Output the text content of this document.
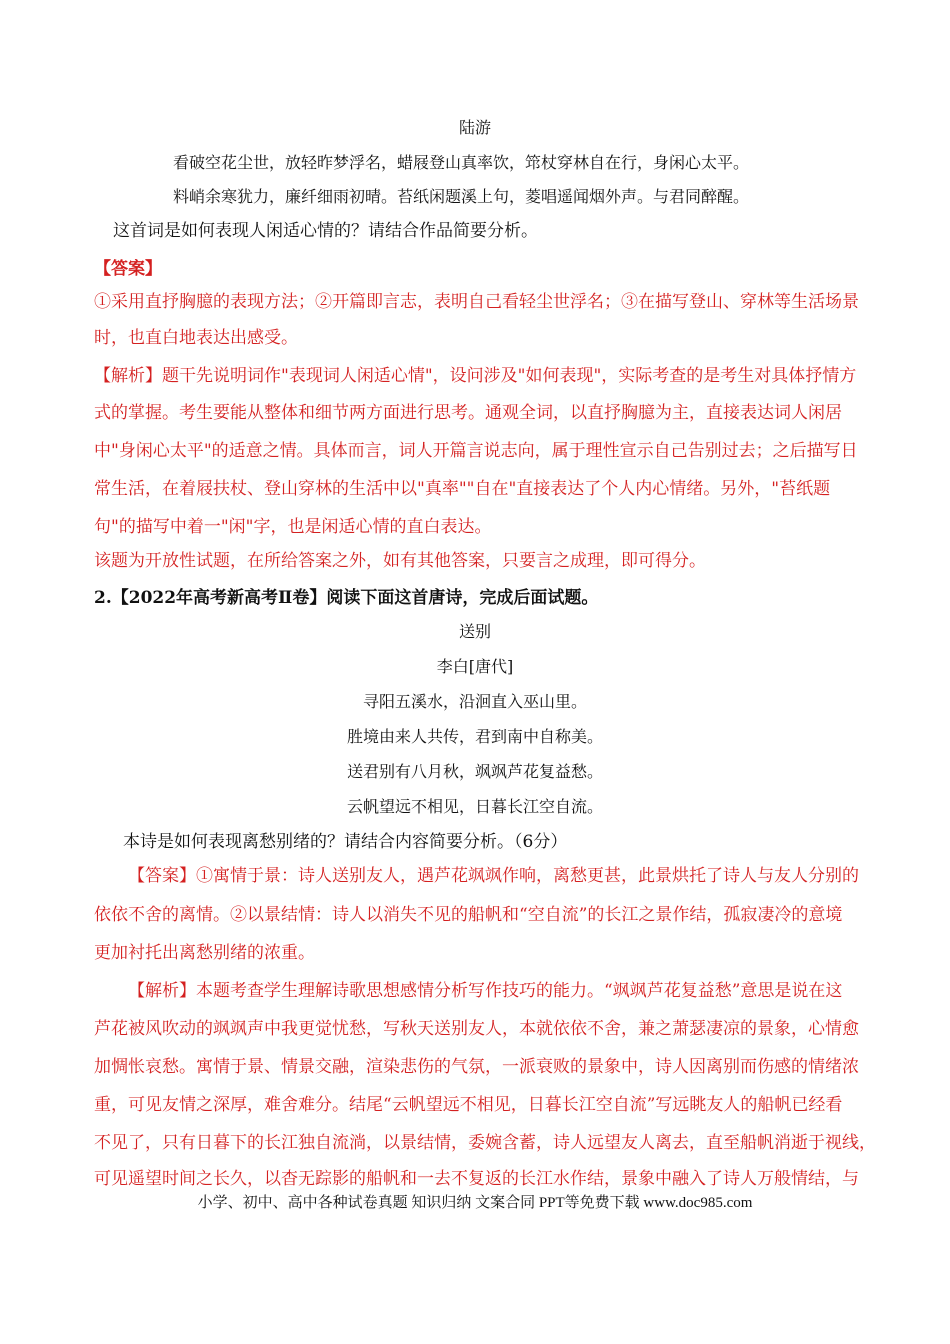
陆游

看破空花尘世，放轻昨梦浮名，蜡屐登山真率饮，筇杖穿林自在行，身闲心太平。

料峭余寒犹力，廉纤细雨初晴。苔纸闲题溪上句，菱唱遥闻烟外声。与君同醉醒。

这首词是如何表现人闲适心情的？请结合作品简要分析。

【答案】

①采用直抒胸臆的表现方法；②开篇即言志，表明自己看轻尘世浮名；③在描写登山、穿林等生活场景

时，也直白地表达出感受。

【解析】题干先说明词作"表现词人闲适心情"，设问涉及"如何表现"，实际考查的是考生对具体抒情方

式的掌握。考生要能从整体和细节两方面进行思考。通观全词，以直抒胸臆为主，直接表达词人闲居

中"身闲心太平"的适意之情。具体而言，词人开篇言说志向，属于理性宣示自己告别过去；之后描写日

常生活，在着屐扶杖、登山穿林的生活中以"真率""自在"直接表达了个人内心情绪。另外，"苔纸题

句"的描写中着一"闲"字，也是闲适心情的直白表达。

该题为开放性试题，在所给答案之外，如有其他答案，只要言之成理，即可得分。

2.【2022年高考新高考Ⅱ卷】阅读下面这首唐诗，完成后面试题。

送别

李白[唐代]

寻阳五溪水，沿洄直入巫山里。

胜境由来人共传，君到南中自称美。

送君别有八月秋，飒飒芦花复益愁。

云帆望远不相见，日暮长江空自流。

本诗是如何表现离愁别绪的？请结合内容简要分析。（6分）

【答案】①寓情于景：诗人送别友人，遇芦花飒飒作响，离愁更甚，此景烘托了诗人与友人分别的

依依不舍的离情。②以景结情：诗人以消失不见的船帆和“空自流”的长江之景作结，孤寂凄冷的意境

更加衬托出离愁别绪的浓重。

【解析】本题考查学生理解诗歌思想感情分析写作技巧的能力。“飒飒芦花复益愁”意思是说在这

芦花被风吹动的飒飒声中我更觉忧愁，写秋天送别友人，本就依依不舍，兼之萧瑟凄凉的景象，心情愈

加惆怅哀愁。寓情于景、情景交融，渲染悲伤的气氛，一派衰败的景象中，诗人因离别而伤感的情绪浓

重，可见友情之深厚，难舍难分。结尾“云帆望远不相见，日暮长江空自流”写远眺友人的船帆已经看

不见了，只有日暮下的长江独自流淌，以景结情，委婉含蓄，诗人远望友人离去，直至船帆消逝于视线，

可见遥望时间之长久，以杳无踪影的船帆和一去不复返的长江水作结，景象中融入了诗人万般情结，与

小学、初中、高中各种试卷真题 知识归纳 文案合同 PPT等免费下载 www.doc985.com
